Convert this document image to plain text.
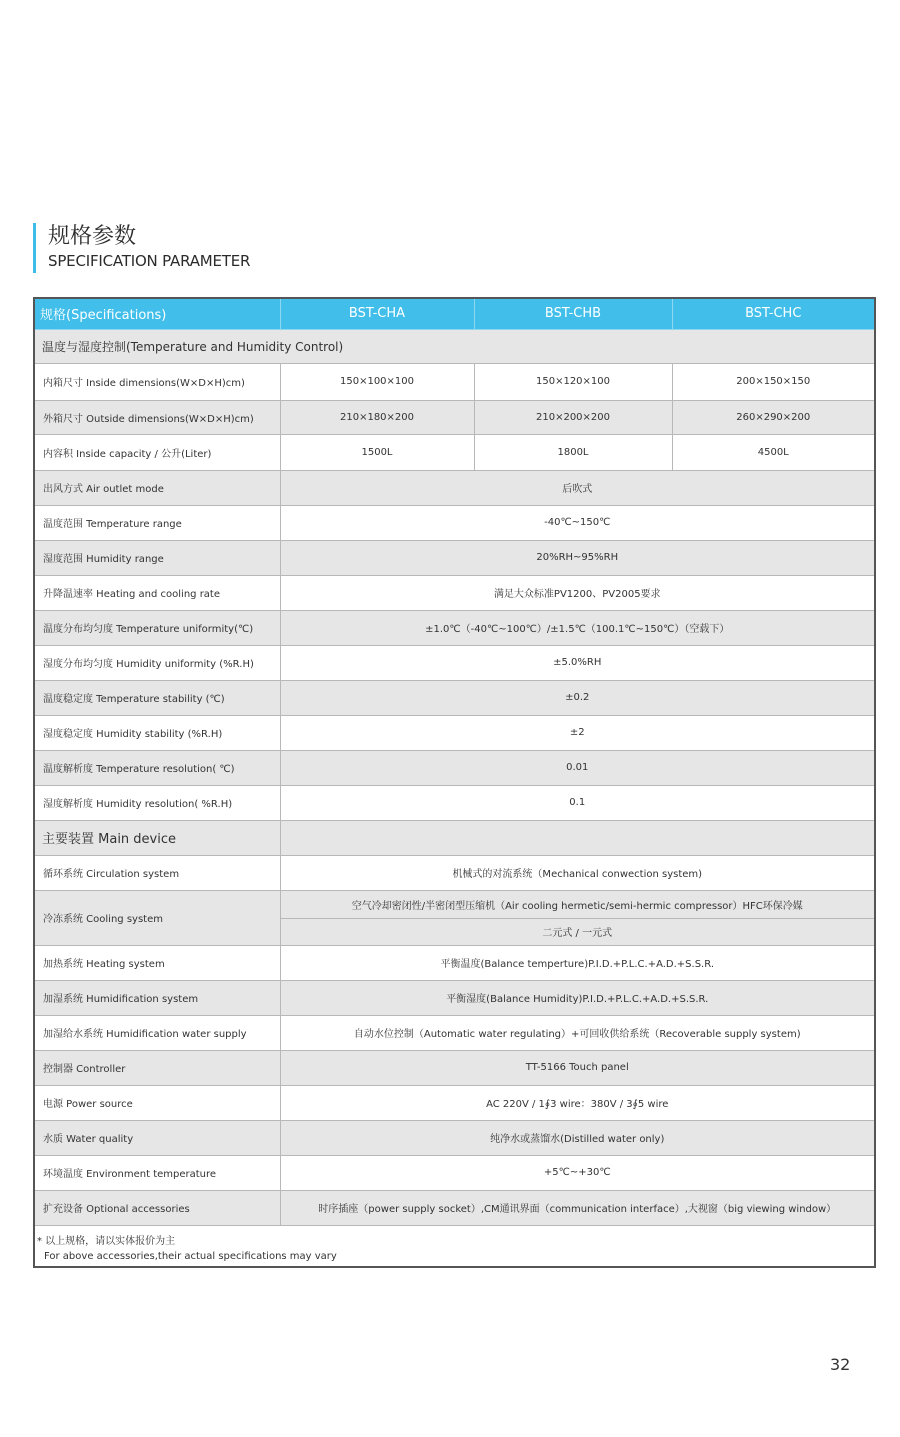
规格参数
SPECIFICATION PARAMETER
规格(Specifications)	BST-CHA	BST-CHB	BST-CHC
温度与湿度控制(Temperature and Humidity Control)			
内箱尺寸 Inside dimensions(W×D×H)cm)	150×100×100	150×120×100	200×150×150
外箱尺寸 Outside dimensions(W×D×H)cm)	210×180×200	210×200×200	260×290×200
内容积 Inside capacity / 公升(Liter)	1500L	1800L	4500L
出风方式 Air outlet mode	后吹式		
温度范围 Temperature range	-40℃~150℃		
湿度范围 Humidity range	20%RH~95%RH		
升降温速率 Heating and cooling rate	满足大众标准PV1200、PV2005要求		
温度分布均匀度 Temperature uniformity(℃)	±1.0℃（-40℃~100℃）/±1.5℃（100.1℃~150℃）（空载下）		
湿度分布均匀度 Humidity uniformity (%R.H)	±5.0%RH		
温度稳定度 Temperature stability (℃)	±0.2		
湿度稳定度 Humidity stability (%R.H)	±2		
温度解析度 Temperature resolution( ℃)	0.01		
湿度解析度 Humidity resolution( %R.H)	0.1		
主要装置 Main device			
循环系统 Circulation system	机械式的对流系统（Mechanical conwection system)		
冷冻系统 Cooling system	空气冷却密闭性/半密闭型压缩机（Air cooling hermetic/semi-hermic compressor）HFC环保冷媒		
	二元式 / 一元式		
加热系统 Heating system	平衡温度(Balance temperture)P.I.D.+P.L.C.+A.D.+S.S.R.		
加湿系统 Humidification system	平衡湿度(Balance Humidity)P.I.D.+P.L.C.+A.D.+S.S.R.		
加湿给水系统 Humidification water supply	自动水位控制（Automatic water regulating）+可回收供给系统（Recoverable supply system)		
控制器 Controller	TT-5166 Touch panel		
电源 Power source	AC 220V / 1∮3 wire：380V / 3∮5 wire		
水质 Water quality	纯净水或蒸馏水(Distilled water only)		
环境温度 Environment temperature	+5℃~+30℃		
扩充设备 Optional accessories	时序插座（power supply socket）,CM通讯界面（communication interface）,大视窗（big viewing window）		
* 以上规格，请以实体报价为主
For above accessories,their actual specifications may vary
32
